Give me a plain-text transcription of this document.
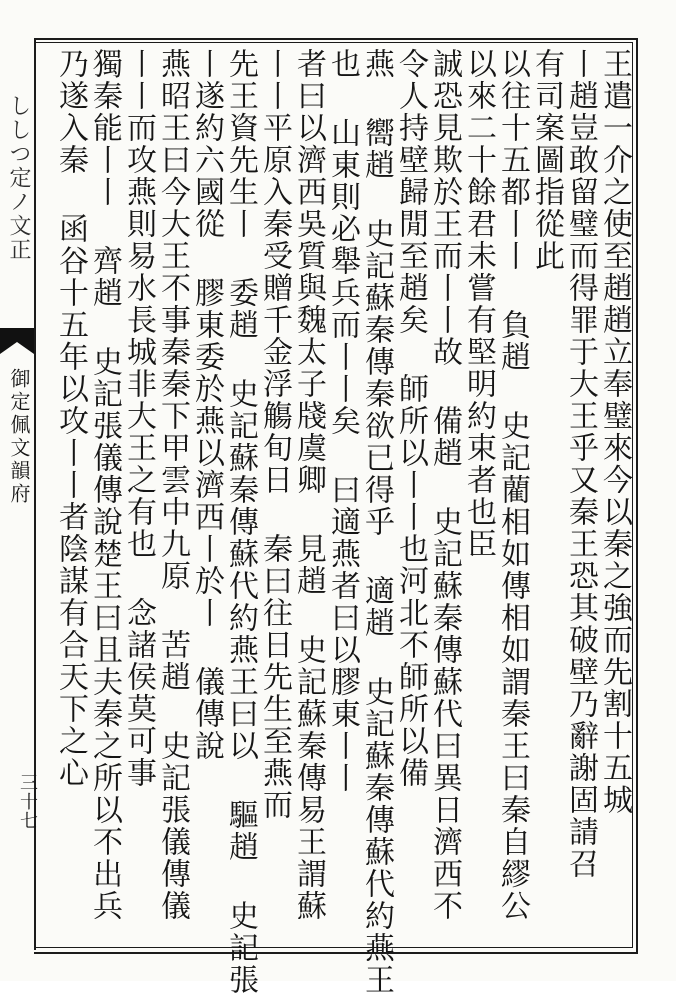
ししつ定ノ文正
御定佩文韻府
三十七	王遣一介之使至趙趙立奉璧來今以秦之強而先割十五城
丨趙豈敢留璧而得罪于大王乎又秦王恐其破壁乃辭謝固請召
有司案圖指從此
以往十五都丨丨 負趙 史記藺相如傳相如謂秦王曰秦自繆公
以來二十餘君未嘗有堅明約束者也臣
誠恐見欺於王而丨丨故 備趙 史記蘇秦傳蘇代曰異日濟西不
令人持壁歸閒至趙矣 師所以丨丨也河北不師所以備
燕 嚮趙 史記蘇秦傳秦欲已得乎 適趙 史記蘇秦傳蘇代約燕王
也 山東則必舉兵而丨丨矣 曰適燕者曰以膠東丨丨
者曰以濟西吳質與魏太子牋虞卿 見趙 史記蘇秦傳易王謂蘇
丨丨平原入秦受贈千金浮觴旬日 秦曰往日先生至燕而
先王資先生丨 委趙 史記蘇秦傳蘇代約燕王曰以 驅趙 史記張
丨遂約六國從 膠東委於燕以濟西丨於丨 儀傳說
燕昭王曰今大王不事秦秦下甲雲中九原 苦趙 史記張儀傳儀
丨丨而攻燕則易水長城非大王之有也 念諸侯莫可事
獨秦能丨丨 齊趙 史記張儀傳說楚王曰且夫秦之所以不出兵
乃遂入秦 函谷十五年以攻丨丨者陰謀有合天下之心
